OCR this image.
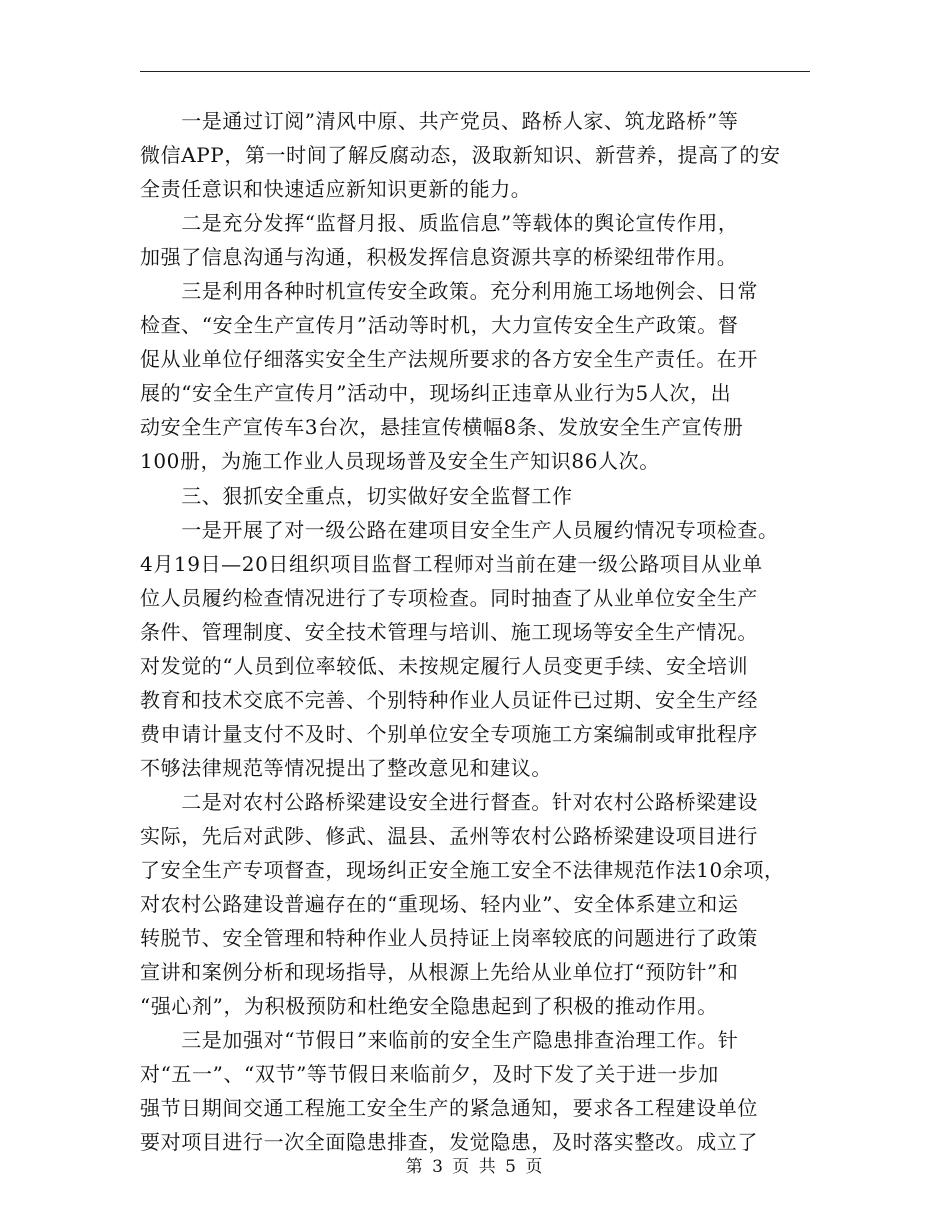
　　一是通过订阅”清风中原、共产党员、路桥人家、筑龙路桥”等
微信APP，第一时间了解反腐动态，汲取新知识、新营养，提高了的安
全责任意识和快速适应新知识更新的能力。
　　二是充分发挥“监督月报、质监信息”等载体的舆论宣传作用，
加强了信息沟通与沟通，积极发挥信息资源共享的桥梁纽带作用。
　　三是利用各种时机宣传安全政策。充分利用施工场地例会、日常
检查、“安全生产宣传月”活动等时机，大力宣传安全生产政策。督
促从业单位仔细落实安全生产法规所要求的各方安全生产责任。在开
展的“安全生产宣传月”活动中，现场纠正违章从业行为5人次，出
动安全生产宣传车3台次，悬挂宣传横幅8条、发放安全生产宣传册
100册，为施工作业人员现场普及安全生产知识86人次。
　　三、狠抓安全重点，切实做好安全监督工作
　　一是开展了对一级公路在建项目安全生产人员履约情况专项检查。
4月19日—20日组织项目监督工程师对当前在建一级公路项目从业单
位人员履约检查情况进行了专项检查。同时抽查了从业单位安全生产
条件、管理制度、安全技术管理与培训、施工现场等安全生产情况。
对发觉的“人员到位率较低、未按规定履行人员变更手续、安全培训
教育和技术交底不完善、个别特种作业人员证件已过期、安全生产经
费申请计量支付不及时、个别单位安全专项施工方案编制或审批程序
不够法律规范等情况提出了整改意见和建议。
　　二是对农村公路桥梁建设安全进行督查。针对农村公路桥梁建设
实际，先后对武陟、修武、温县、孟州等农村公路桥梁建设项目进行
了安全生产专项督查，现场纠正安全施工安全不法律规范作法10余项，
对农村公路建设普遍存在的“重现场、轻内业”、安全体系建立和运
转脱节、安全管理和特种作业人员持证上岗率较底的问题进行了政策
宣讲和案例分析和现场指导，从根源上先给从业单位打“预防针”和
“强心剂”，为积极预防和杜绝安全隐患起到了积极的推动作用。
　　三是加强对“节假日”来临前的安全生产隐患排查治理工作。针
对“五一”、“双节”等节假日来临前夕，及时下发了关于进一步加
强节日期间交通工程施工安全生产的紧急通知，要求各工程建设单位
要对项目进行一次全面隐患排查，发觉隐患，及时落实整改。成立了
第 3 页 共 5 页
